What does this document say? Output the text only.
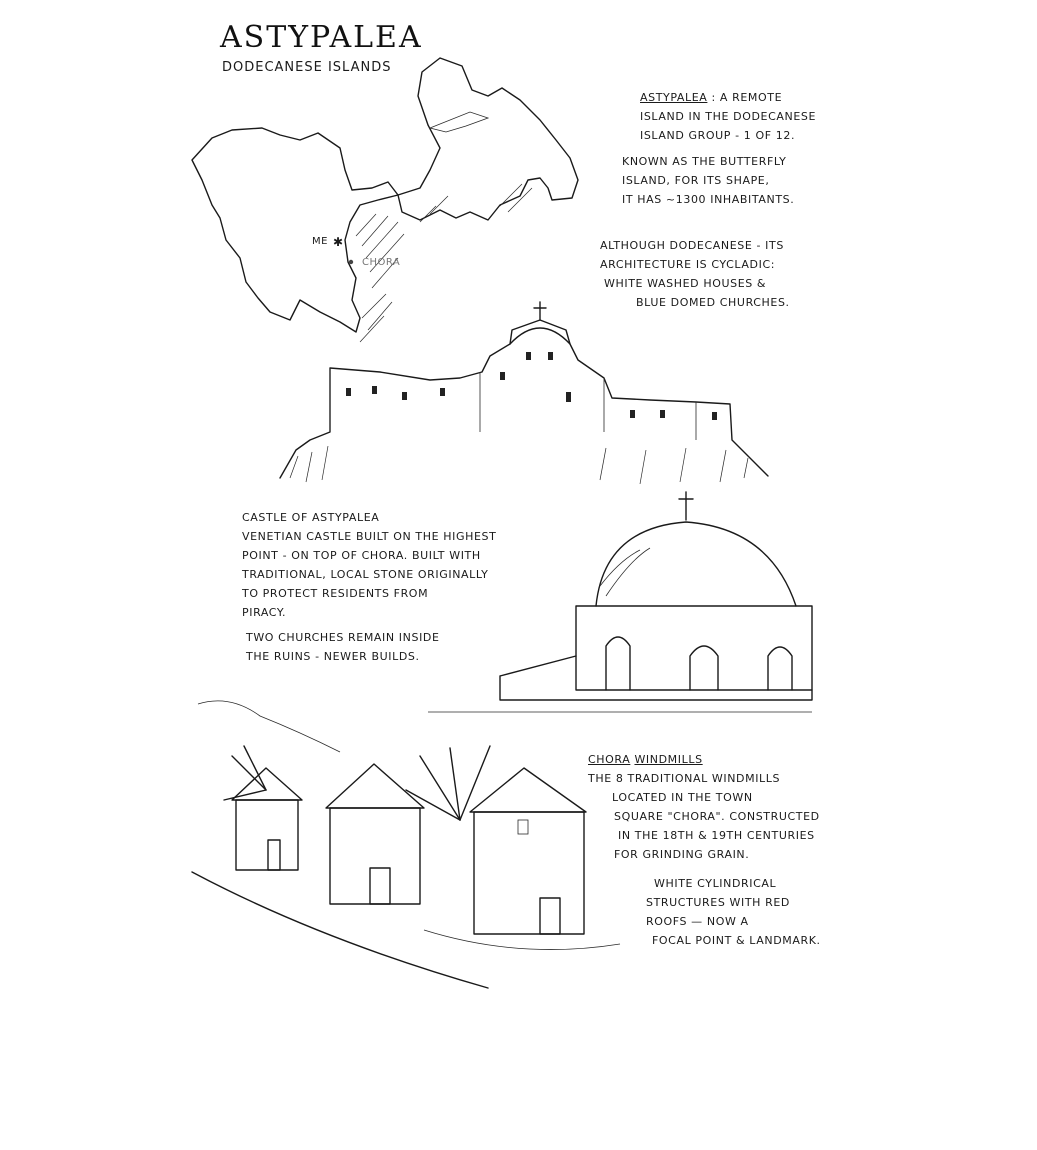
✱
ASTYPALEA
DODECANESE ISLANDS
ME
CHORA
ASTYPALEA : A REMOTE
ISLAND IN THE DODECANESE
ISLAND GROUP - 1 OF 12.
KNOWN AS THE BUTTERFLY
ISLAND, FOR ITS SHAPE,
IT HAS ~1300 INHABITANTS.
ALTHOUGH DODECANESE - ITS
ARCHITECTURE IS CYCLADIC:
WHITE WASHED HOUSES &
BLUE DOMED CHURCHES.
CASTLE OF ASTYPALEA
VENETIAN CASTLE BUILT ON THE HIGHEST
POINT - ON TOP OF CHORA. BUILT WITH
TRADITIONAL, LOCAL STONE ORIGINALLY
TO PROTECT RESIDENTS FROM
PIRACY.
TWO CHURCHES REMAIN INSIDE
THE RUINS - NEWER BUILDS.
CHORA WINDMILLS
THE 8 TRADITIONAL WINDMILLS
LOCATED IN THE TOWN
SQUARE "CHORA". CONSTRUCTED
IN THE 18TH & 19TH CENTURIES
FOR GRINDING GRAIN.
WHITE CYLINDRICAL
STRUCTURES WITH RED
ROOFS — NOW A
FOCAL POINT & LANDMARK.
